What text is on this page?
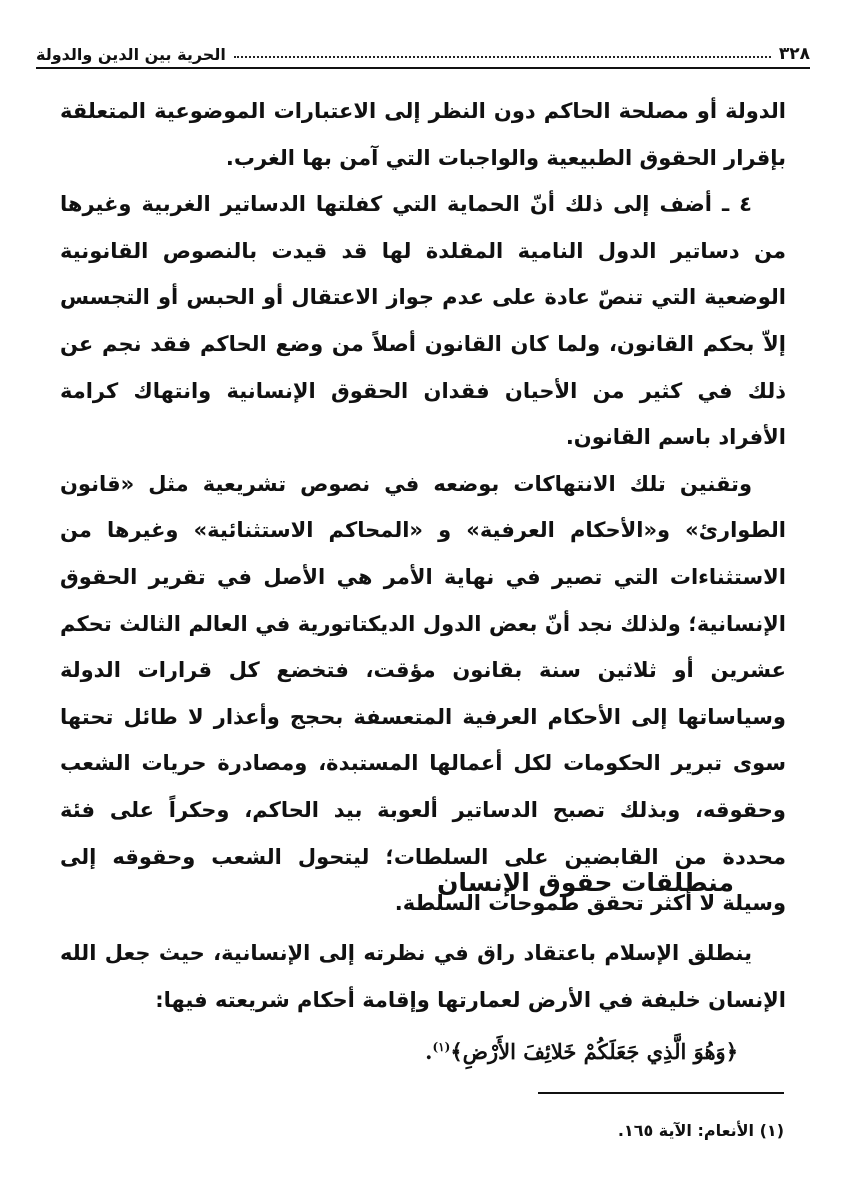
٣٢٨
الحرية بين الدين والدولة

الدولة أو مصلحة الحاكم دون النظر إلى الاعتبارات الموضوعية المتعلقة بإقرار الحقوق الطبيعية والواجبات التي آمن بها الغرب.

٤ ـ أضف إلى ذلك أنّ الحماية التي كفلتها الدساتير الغربية وغيرها من دساتير الدول النامية المقلدة لها قد قيدت بالنصوص القانونية الوضعية التي تنصّ عادة على عدم جواز الاعتقال أو الحبس أو التجسس إلاّ بحكم القانون، ولما كان القانون أصلاً من وضع الحاكم فقد نجم عن ذلك في كثير من الأحيان فقدان الحقوق الإنسانية وانتهاك كرامة الأفراد باسم القانون.

وتقنين تلك الانتهاكات بوضعه في نصوص تشريعية مثل «قانون الطوارئ» و«الأحكام العرفية» و «المحاكم الاستثنائية» وغيرها من الاستثناءات التي تصير في نهاية الأمر هي الأصل في تقرير الحقوق الإنسانية؛ ولذلك نجد أنّ بعض الدول الديكتاتورية في العالم الثالث تحكم عشرين أو ثلاثين سنة بقانون مؤقت، فتخضع كل قرارات الدولة وسياساتها إلى الأحكام العرفية المتعسفة بحجج وأعذار لا طائل تحتها سوى تبرير الحكومات لكل أعمالها المستبدة، ومصادرة حريات الشعب وحقوقه، وبذلك تصبح الدساتير ألعوبة بيد الحاكم، وحكراً على فئة محددة من القابضين على السلطات؛ ليتحول الشعب وحقوقه إلى وسيلة لا أكثر تحقق طموحات السلطة.

منطلقات حقوق الإنسان

ينطلق الإسلام باعتقاد راق في نظرته إلى الإنسانية، حيث جعل الله الإنسان خليفة في الأرض لعمارتها وإقامة أحكام شريعته فيها:

﴿وَهُوَ الَّذِي جَعَلَكُمْ خَلائِفَ الأَرْضِ﴾$^{(١)}$.
(١) الأنعام: الآية ١٦٥.
